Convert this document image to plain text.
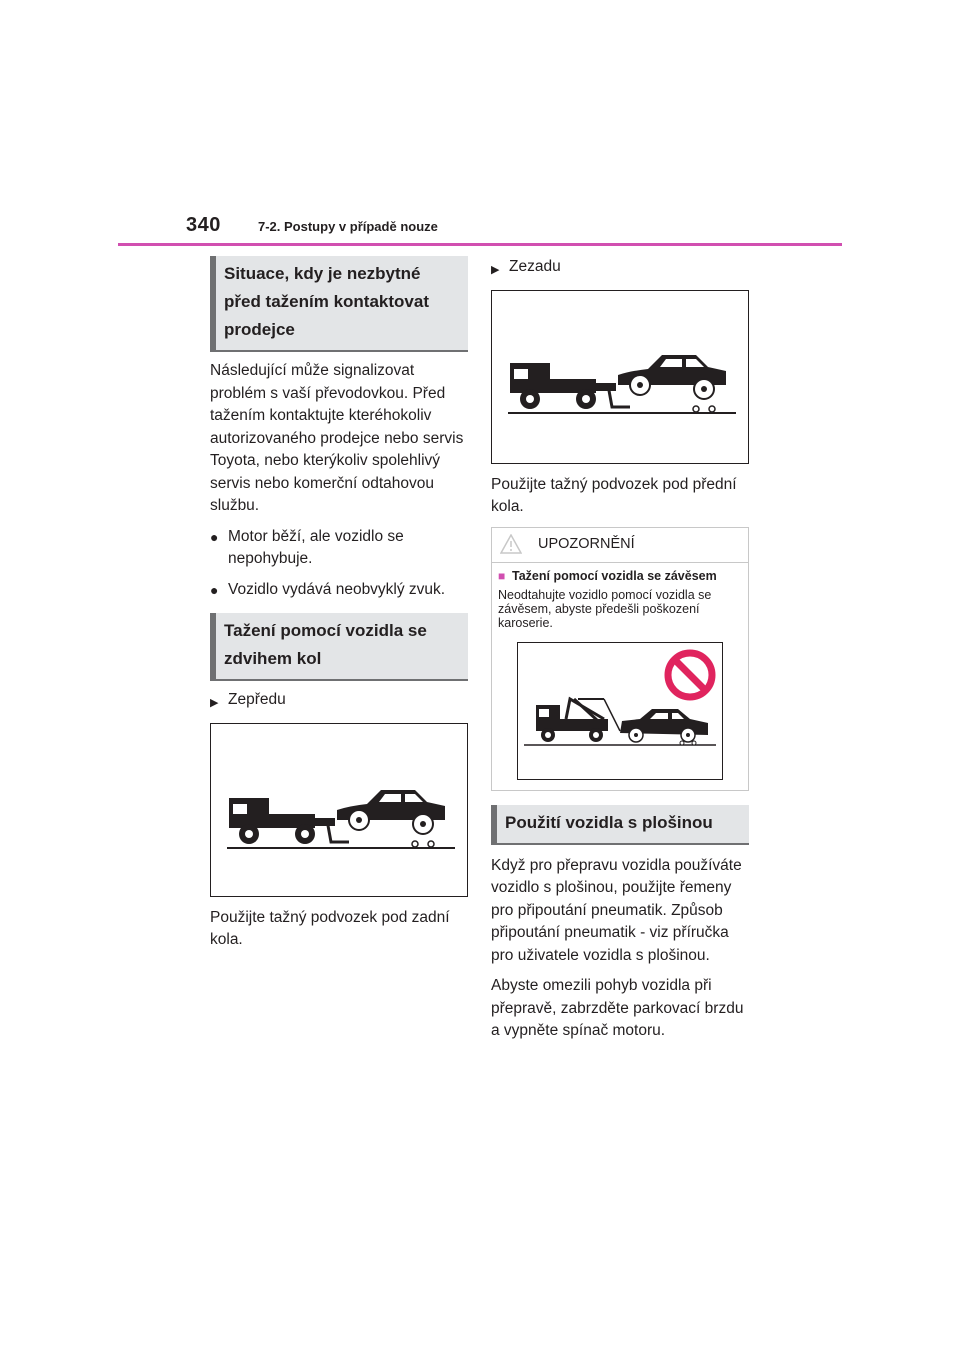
340	7-2. Postupy v případě nouze
Situace, kdy je nezbytné před tažením kontaktovat prodejce

Následující může signalizovat problém s vaší převodovkou. Před tažením kontaktujte kteréhokoliv autorizovaného prodejce nebo servis Toyota, nebo kterýkoliv spolehlivý servis nebo komerční odtahovou službu.

● Motor běží, ale vozidlo se nepohybuje.
● Vozidlo vydává neobvyklý zvuk.
Tažení pomocí vozidla se zdvihem kol
▶ Zepředu

Použijte tažný podvozek pod zadní kola.

▶ Zezadu

Použijte tažný podvozek pod přední kola.

UPOZORNĚNÍ
■ Tažení pomocí vozidla se závěsem

Neodtahujte vozidlo pomocí vozidla se závěsem, abyste předešli poškození karoserie.

Použití vozidla s plošinou

Když pro přepravu vozidla používáte vozidlo s plošinou, použijte řemeny pro připoutání pneumatik. Způsob připoutání pneumatik - viz příručka pro uživatele vozidla s plošinou.

Abyste omezili pohyb vozidla při přepravě, zabrzděte parkovací brzdu a vypněte spínač motoru.
